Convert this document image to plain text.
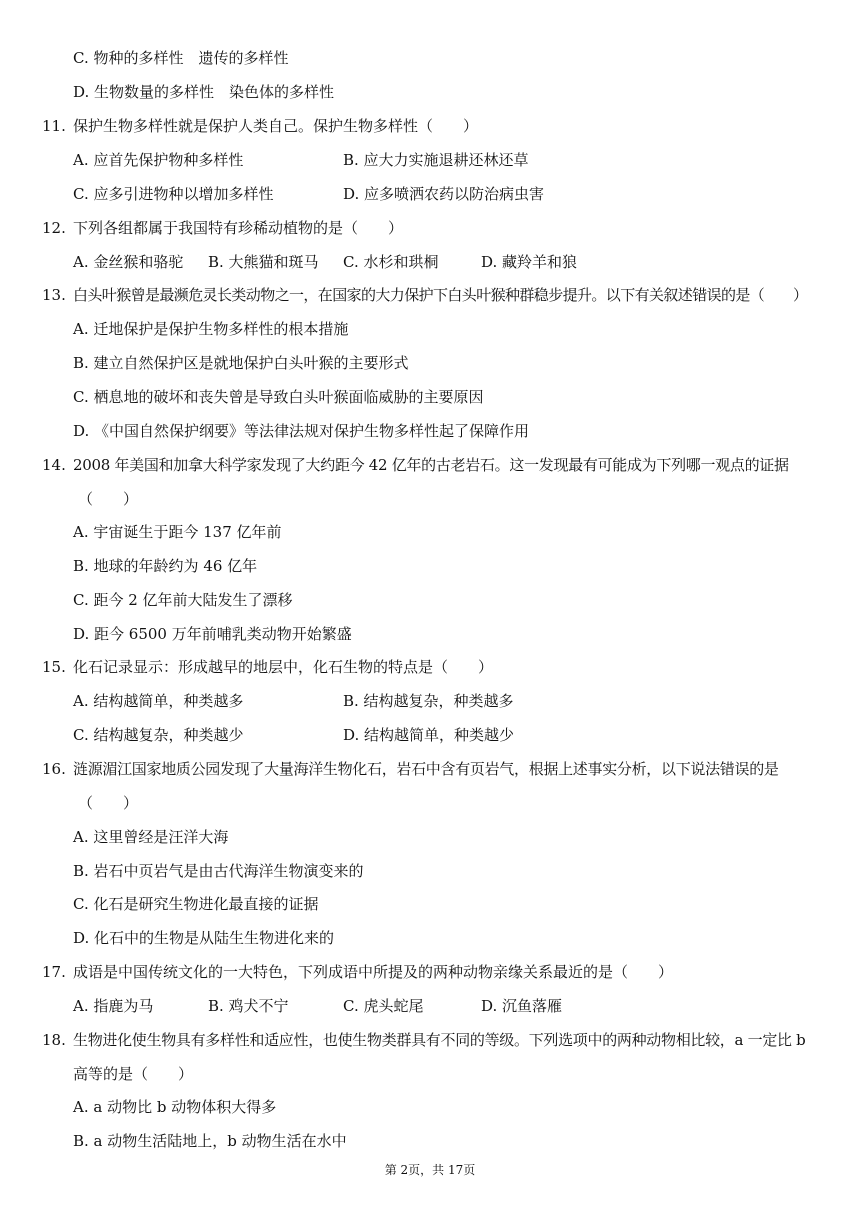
C. 物种的多样性　遗传的多样性
D. 生物数量的多样性　染色体的多样性
11. 保护生物多样性就是保护人类自己。保护生物多样性（　　）
A. 应首先保护物种多样性	B. 应大力实施退耕还林还草
C. 应多引进物种以增加多样性	D. 应多喷洒农药以防治病虫害
12. 下列各组都属于我国特有珍稀动植物的是（　　）
A. 金丝猴和骆驼 B. 大熊猫和斑马 C. 水杉和珙桐	D. 藏羚羊和狼
13. 白头叶猴曾是最濒危灵长类动物之一，在国家的大力保护下白头叶猴种群稳步提升。以下有关叙述错误的是（　　）
A. 迁地保护是保护生物多样性的根本措施
B. 建立自然保护区是就地保护白头叶猴的主要形式
C. 栖息地的破坏和丧失曾是导致白头叶猴面临威胁的主要原因
D. 《中国自然保护纲要》等法律法规对保护生物多样性起了保障作用
14. 2008 年美国和加拿大科学家发现了大约距今 42 亿年的古老岩石。这一发现最有可能成为下列哪一观点的证据
（　　）
A. 宇宙诞生于距今 137 亿年前
B. 地球的年龄约为 46 亿年
C. 距今 2 亿年前大陆发生了漂移
D. 距今 6500 万年前哺乳类动物开始繁盛
15. 化石记录显示：形成越早的地层中，化石生物的特点是（　　）
A. 结构越简单，种类越多	B. 结构越复杂，种类越多
C. 结构越复杂，种类越少	D. 结构越简单，种类越少
16. 涟源湄江国家地质公园发现了大量海洋生物化石，岩石中含有页岩气，根据上述事实分析，以下说法错误的是
（　　）
A. 这里曾经是汪洋大海
B. 岩石中页岩气是由古代海洋生物演变来的
C. 化石是研究生物进化最直接的证据
D. 化石中的生物是从陆生生物进化来的
17. 成语是中国传统文化的一大特色，下列成语中所提及的两种动物亲缘关系最近的是（　　）
A. 指鹿为马	B. 鸡犬不宁	C. 虎头蛇尾	D. 沉鱼落雁
18. 生物进化使生物具有多样性和适应性，也使生物类群具有不同的等级。下列选项中的两种动物相比较，a 一定比 b
高等的是（　　）
A. a 动物比 b 动物体积大得多
B. a 动物生活陆地上，b 动物生活在水中
第 2页，共 17页
